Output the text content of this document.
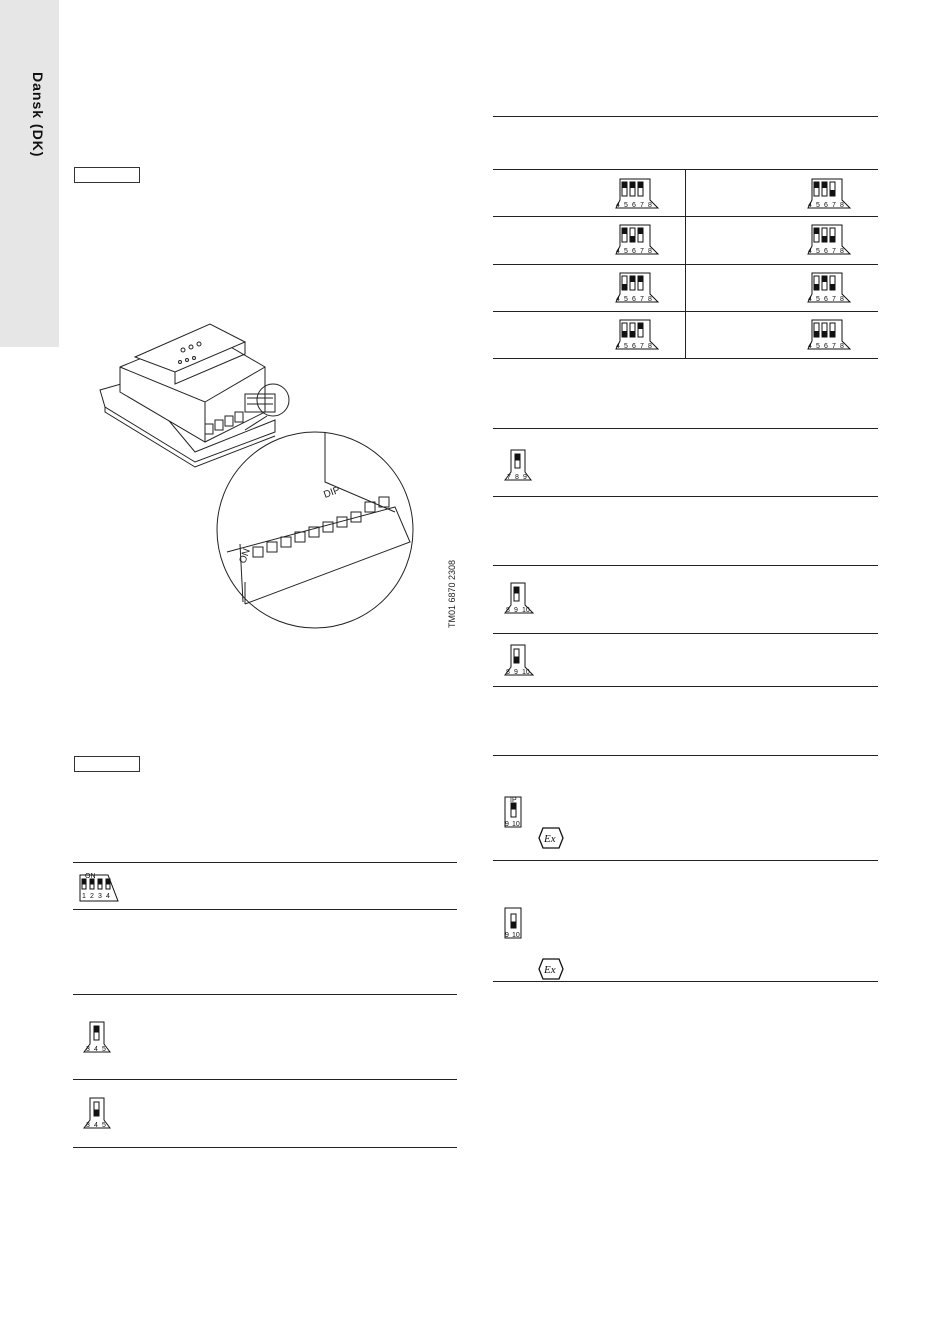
Dansk (DK)
ON
DIP
TM01 6870 2308
ON
1 2 3 4
3 4 5
3 4 5
4 5 6 7 8	4 5 6 7 8
4 5 6 7 8	4 5 6 7 8
4 5 6 7 8	4 5 6 7 8
4 5 6 7 8	4 5 6 7 8
7 8 9
8 9 10
8 9 10
IP
9 10
Ex
9 10
Ex
